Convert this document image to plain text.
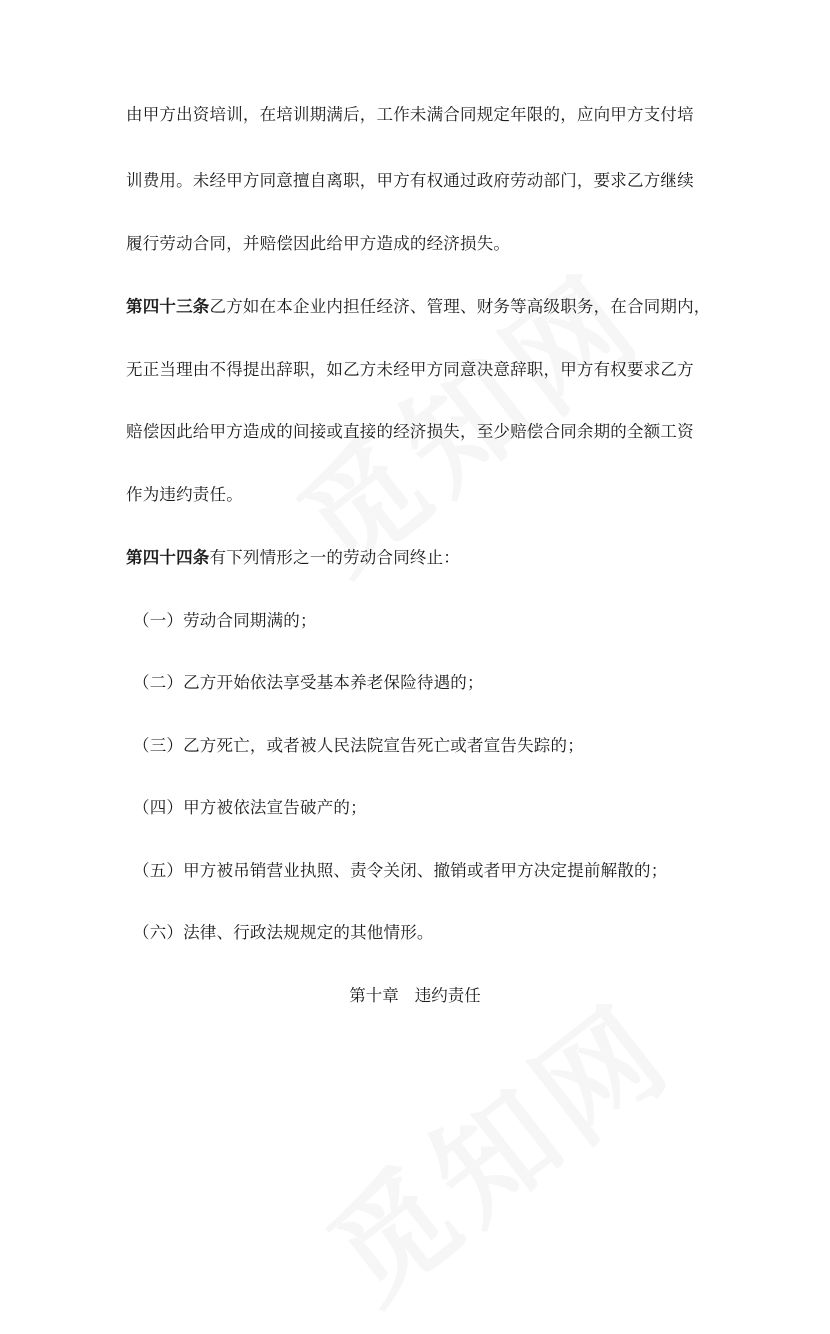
由甲方出资培训，在培训期满后，工作未满合同规定年限的，应向甲方支付培
训费用。未经甲方同意擅自离职，甲方有权通过政府劳动部门，要求乙方继续
履行劳动合同，并赔偿因此给甲方造成的经济损失。
第四十三条乙方如在本企业内担任经济、管理、财务等高级职务，在合同期内，
无正当理由不得提出辞职，如乙方未经甲方同意决意辞职，甲方有权要求乙方
赔偿因此给甲方造成的间接或直接的经济损失，至少赔偿合同余期的全额工资
作为违约责任。
第四十四条有下列情形之一的劳动合同终止：
（一）劳动合同期满的；
（二）乙方开始依法享受基本养老保险待遇的；
（三）乙方死亡，或者被人民法院宣告死亡或者宣告失踪的；
（四）甲方被依法宣告破产的；
（五）甲方被吊销营业执照、责令关闭、撤销或者甲方决定提前解散的；
（六）法律、行政法规规定的其他情形。
第十章 违约责任
